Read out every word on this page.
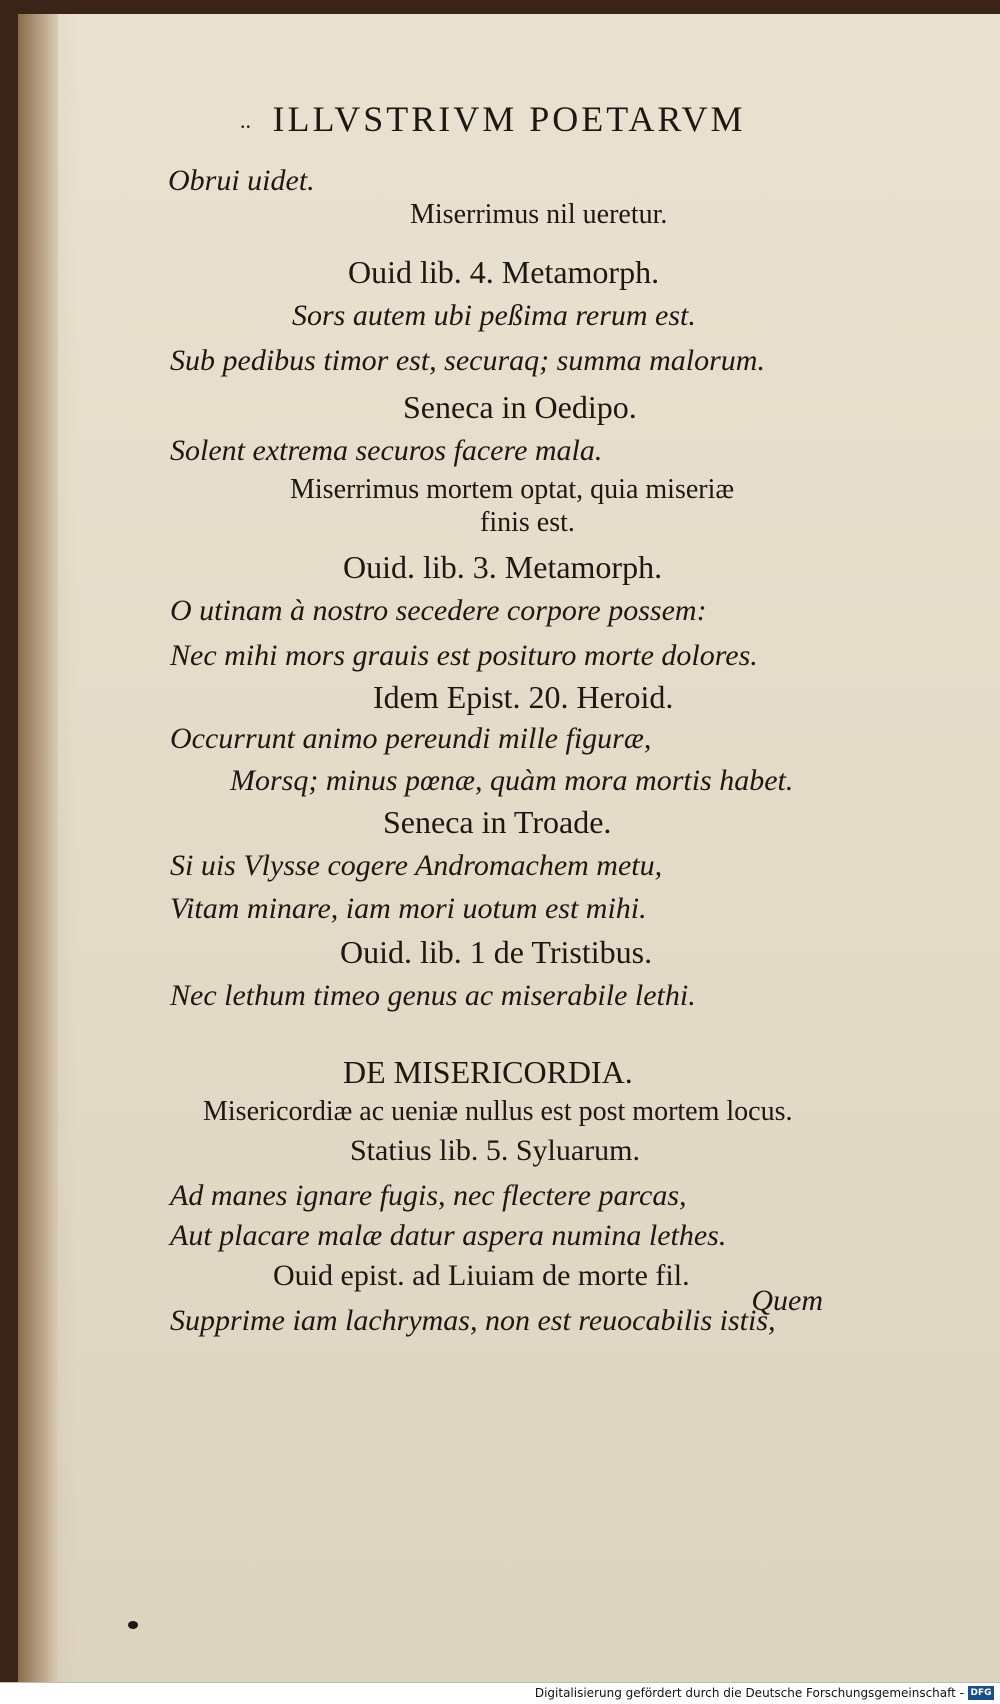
.. ILLVSTRIVM POETARVM

Obrui uidet.

Miserrimus nil ueretur.

Ouid lib. 4. Metamorph.

Sors autem ubi peßima rerum est.

Sub pedibus timor est, securaq; summa malorum.

Seneca in Oedipo.

Solent extrema securos facere mala.

Miserrimus mortem optat, quia miseriæ

finis est.

Ouid. lib. 3. Metamorph.

O utinam à nostro secedere corpore possem:

Nec mihi mors grauis est posituro morte dolores.

Idem Epist. 20. Heroid.

Occurrunt animo pereundi mille figuræ,

Morsq; minus pœnæ, quàm mora mortis habet.

Seneca in Troade.

Si uis Vlysse cogere Andromachem metu,

Vitam minare, iam mori uotum est mihi.

Ouid. lib. 1 de Tristibus.

Nec lethum timeo genus ac miserabile lethi.

DE MISERICORDIA.

Misericordiæ ac ueniæ nullus est post mortem locus.

Statius lib. 5. Syluarum.

Ad manes ignare fugis, nec flectere parcas,

Aut placare malæ datur aspera numina lethes.

Ouid epist. ad Liuiam de morte fil.

Supprime iam lachrymas, non est reuocabilis istis,

Quem
Digitalisierung gefördert durch die Deutsche Forschungsgemeinschaft - DFG
